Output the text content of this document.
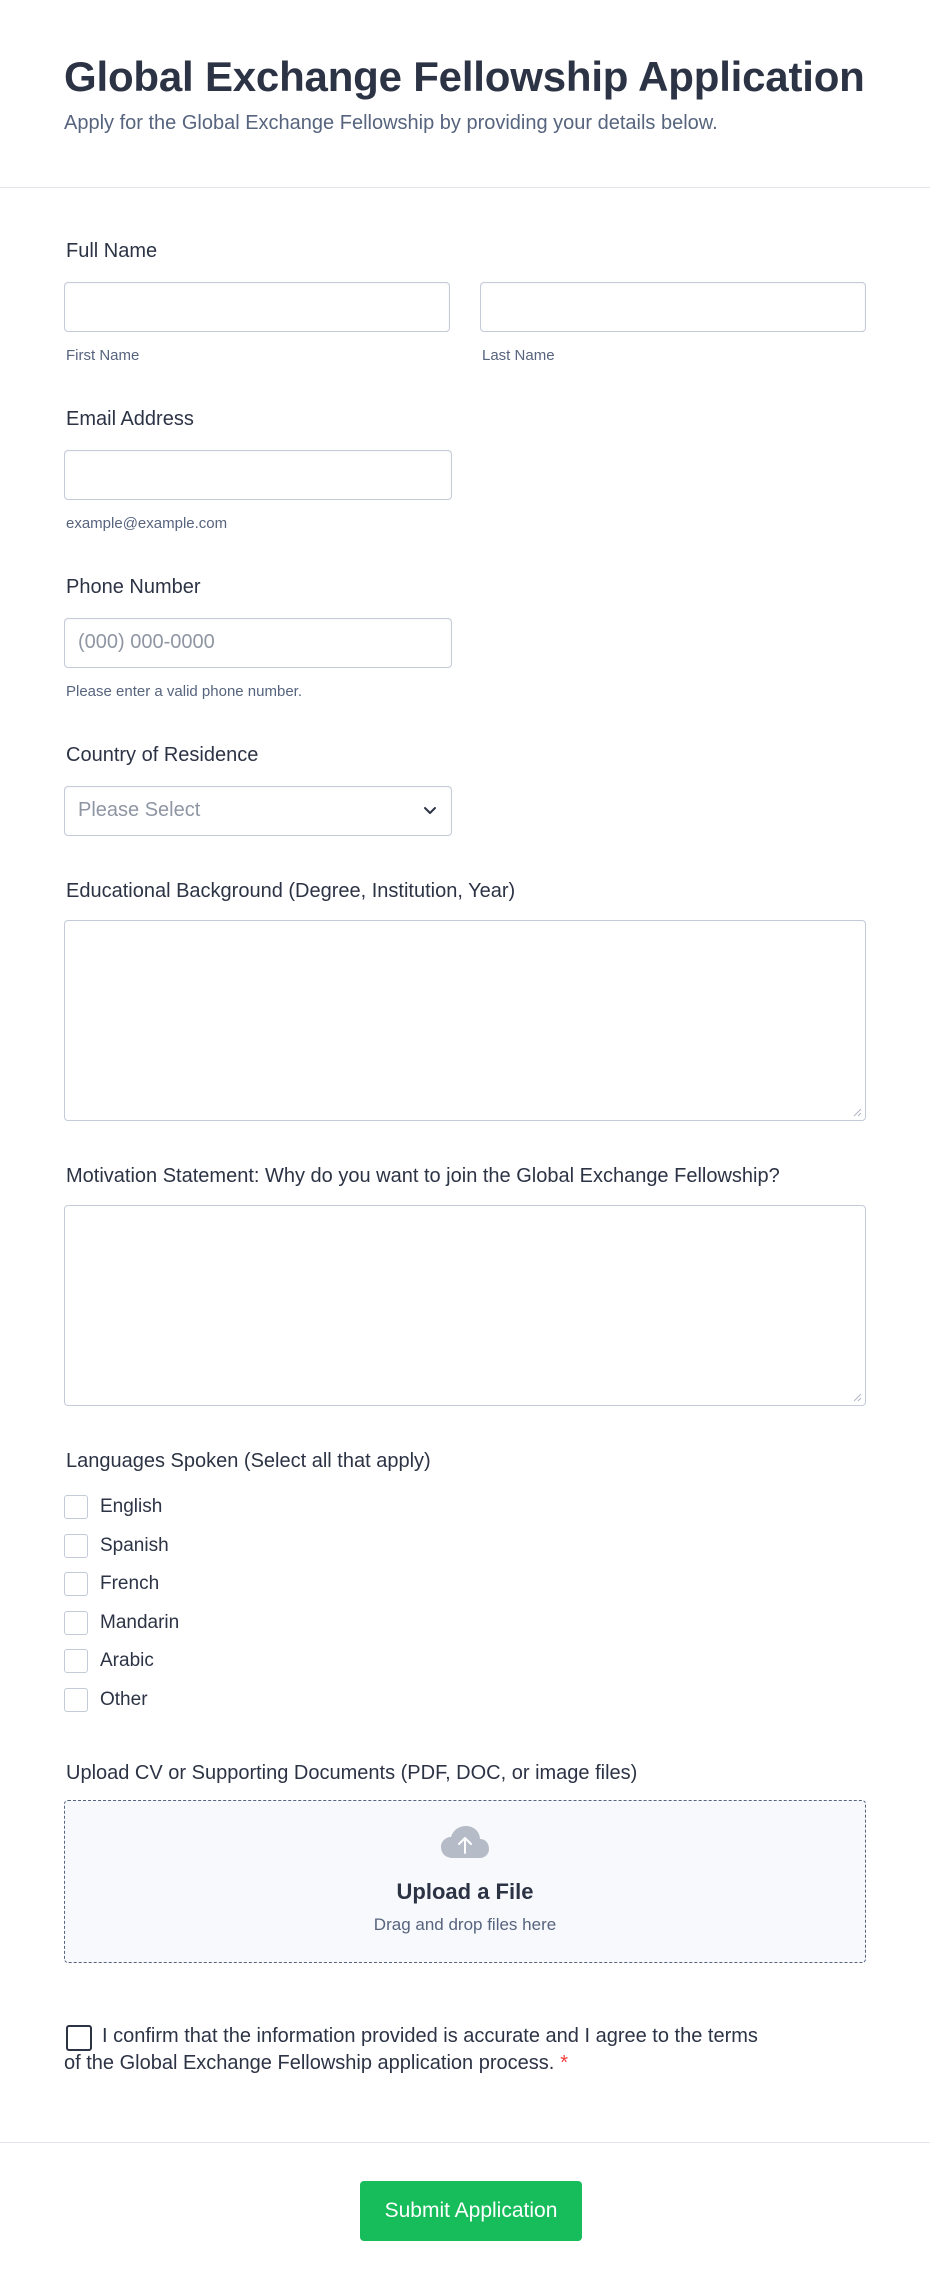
Global Exchange Fellowship Application
Apply for the Global Exchange Fellowship by providing your details below.
Full Name
First Name	Last Name
Email Address
example@example.com
Phone Number
(000) 000-0000
Please enter a valid phone number.
Country of Residence
Please Select
Educational Background (Degree, Institution, Year)
Motivation Statement: Why do you want to join the Global Exchange Fellowship?
Languages Spoken (Select all that apply)
English
Spanish
French
Mandarin
Arabic
Other
Upload CV or Supporting Documents (PDF, DOC, or image files)
Upload a File
Drag and drop files here
I confirm that the information provided is accurate and I agree to the terms of the Global Exchange Fellowship application process. *
Submit Application
